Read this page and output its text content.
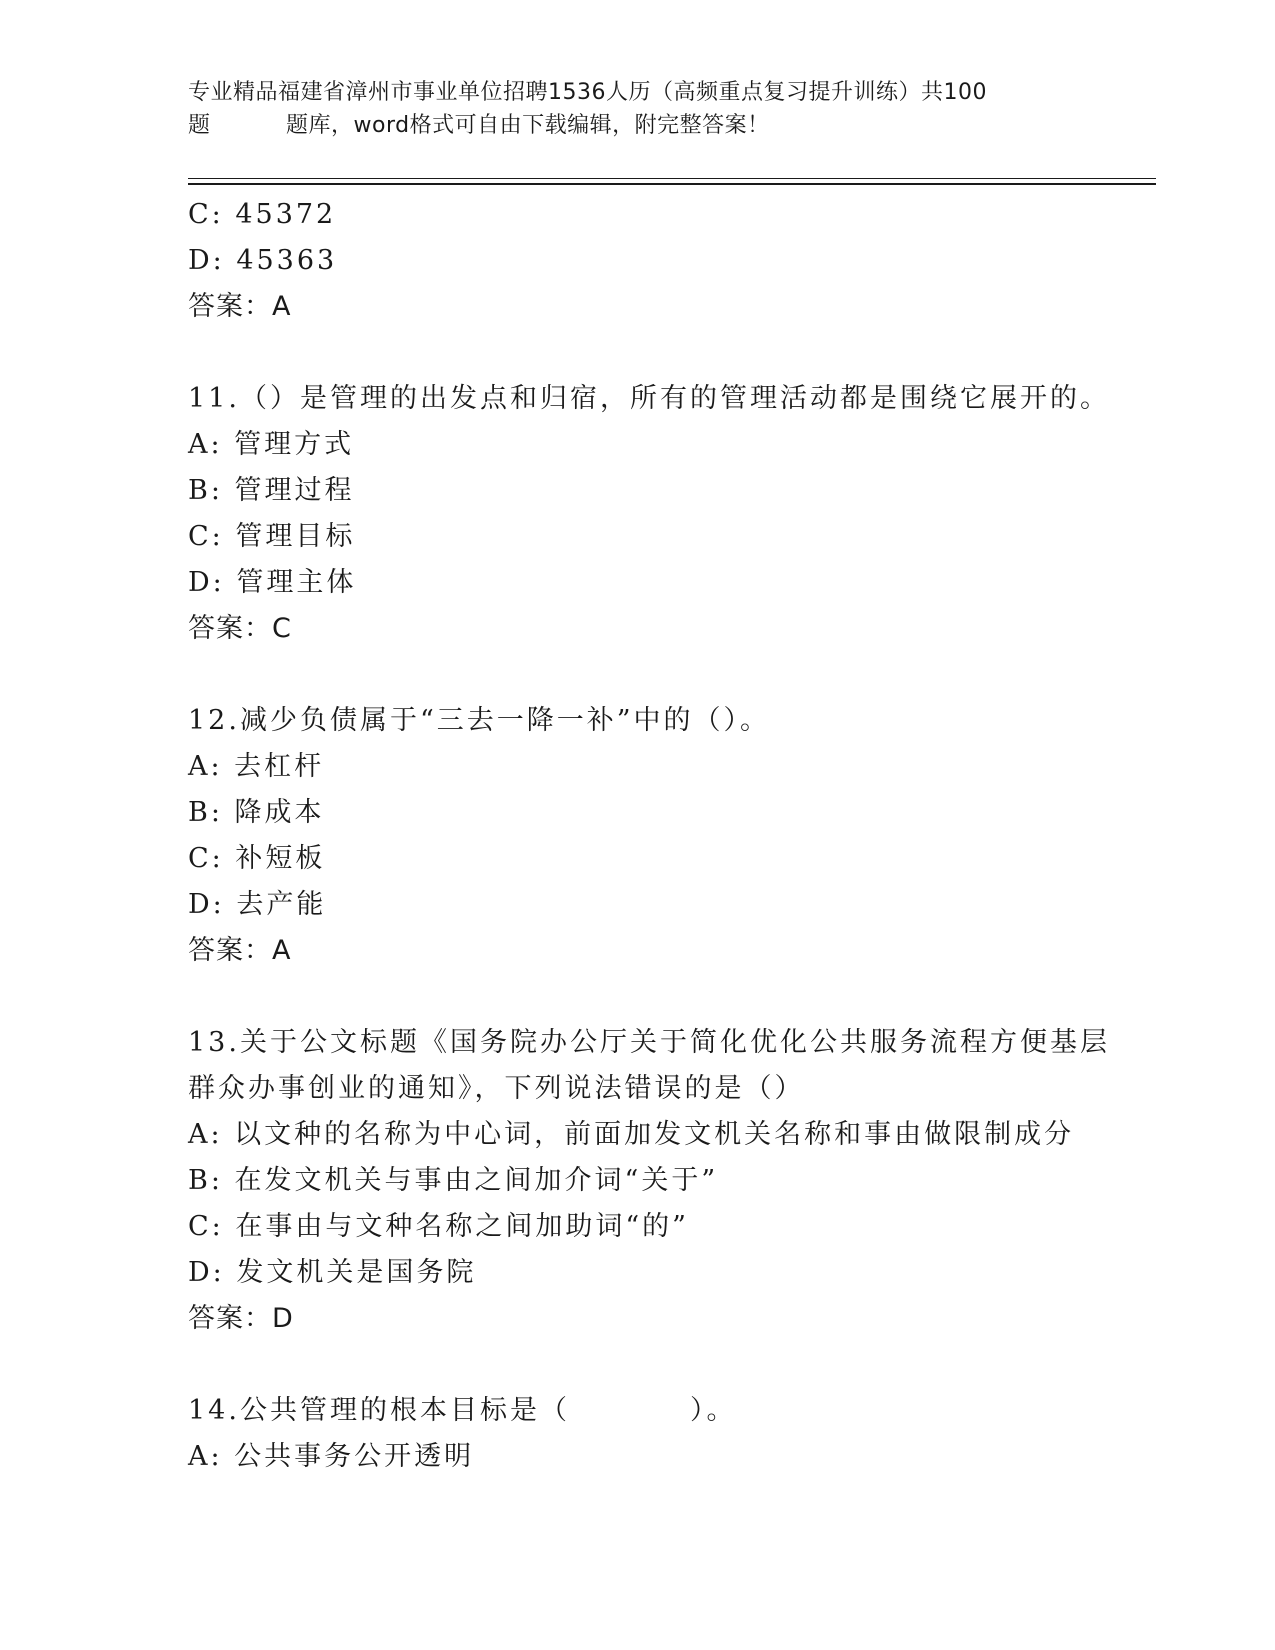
专业精品福建省漳州市事业单位招聘1536人历（高频重点复习提升训练）共100
题	题库，word格式可自由下载编辑，附完整答案！
C: 45372
D: 45363
答案：A
11.（）是管理的出发点和归宿，所有的管理活动都是围绕它展开的。
A: 管理方式
B: 管理过程
C: 管理目标
D: 管理主体
答案：C
12.减少负债属于“三去一降一补”中的（）。
A: 去杠杆
B: 降成本
C: 补短板
D: 去产能
答案：A
13.关于公文标题《国务院办公厅关于简化优化公共服务流程方便基层
群众办事创业的通知》，下列说法错误的是（）
A: 以文种的名称为中心词，前面加发文机关名称和事由做限制成分
B: 在发文机关与事由之间加介词“关于”
C: 在事由与文种名称之间加助词“的”
D: 发文机关是国务院
答案：D
14.公共管理的根本目标是（　　　　）。
A: 公共事务公开透明
